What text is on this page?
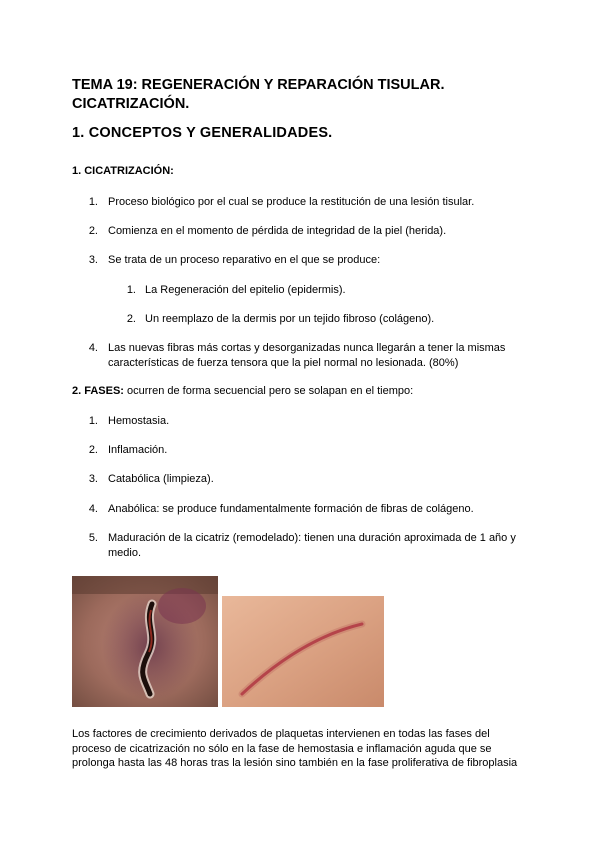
TEMA 19: REGENERACIÓN Y REPARACIÓN TISULAR. CICATRIZACIÓN.
1. CONCEPTOS Y GENERALIDADES.
1. CICATRIZACIÓN:
1. Proceso biológico por el cual se produce la restitución de una lesión tisular.
2. Comienza en el momento de pérdida de integridad de la piel (herida).
3. Se trata de un proceso reparativo en el que se produce:
1. La Regeneración del epitelio (epidermis).
2. Un reemplazo de la dermis por un tejido fibroso (colágeno).
4. Las nuevas fibras más cortas y desorganizadas nunca llegarán a tener la mismas características de fuerza tensora que la piel normal no lesionada. (80%)
2. FASES: ocurren de forma secuencial pero se solapan en el tiempo:
1. Hemostasia.
2. Inflamación.
3. Catabólica (limpieza).
4. Anabólica: se produce fundamentalmente formación de fibras de colágeno.
5. Maduración de la cicatriz (remodelado): tienen una duración aproximada de 1 año y medio.

Los factores de crecimiento derivados de plaquetas intervienen en todas las fases del proceso de cicatrización no sólo en la fase de hemostasia e inflamación aguda que se prolonga hasta las 48 horas tras la lesión sino también en la fase proliferativa de fibroplasia
